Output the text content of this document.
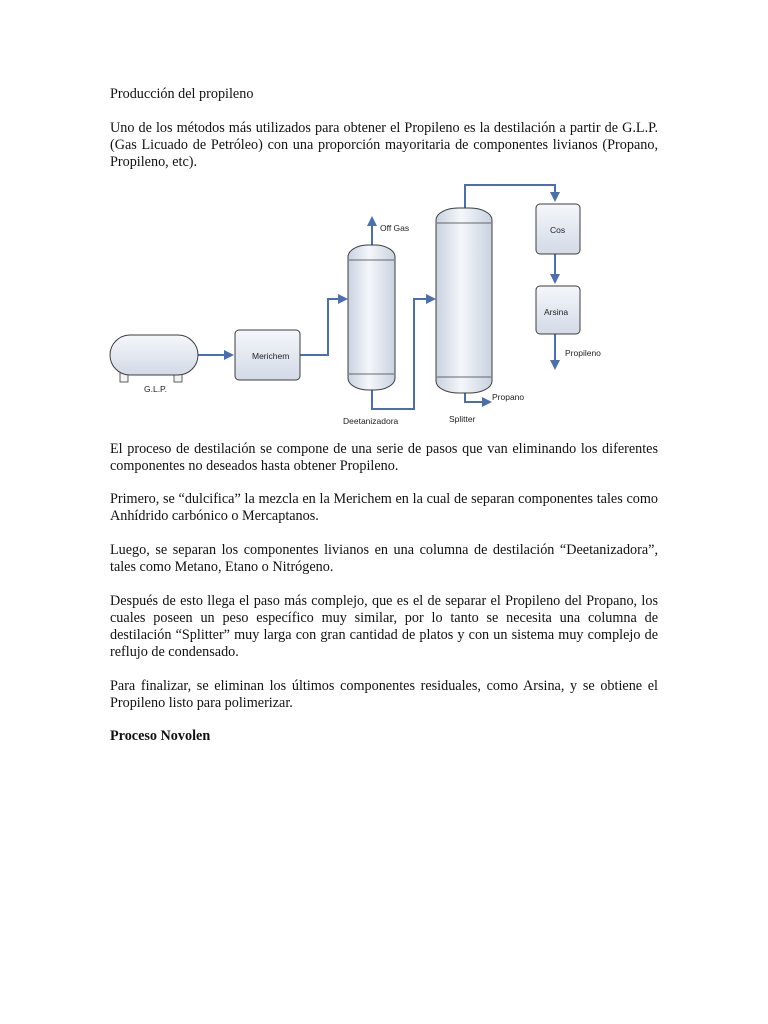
Producción del propileno

Uno de los métodos más utilizados para obtener el Propileno es la destilación a partir de G.L.P. (Gas Licuado de Petróleo) con una proporción mayoritaria de componentes livianos (Propano, Propileno, etc).

G.L.P.
Merichem
Deetanizadora
Off Gas
Splitter
Propano
Cos
Arsina
Propileno

El proceso de destilación se compone de una serie de pasos que van eliminando los diferentes componentes no deseados hasta obtener Propileno.

Primero, se “dulcifica” la mezcla en la Merichem en la cual de separan componentes tales como Anhídrido carbónico o Mercaptanos.

Luego, se separan los componentes livianos en una columna de destilación “Deetanizadora”, tales como Metano, Etano o Nitrógeno.

Después de esto llega el paso más complejo, que es el de separar el Propileno del Propano, los cuales poseen un peso específico muy similar, por lo tanto se necesita una columna de destilación “Splitter” muy larga con gran cantidad de platos y con un sistema muy complejo de reflujo de condensado.

Para finalizar, se eliminan los últimos componentes residuales, como Arsina, y se obtiene el Propileno listo para polimerizar.

Proceso Novolen
